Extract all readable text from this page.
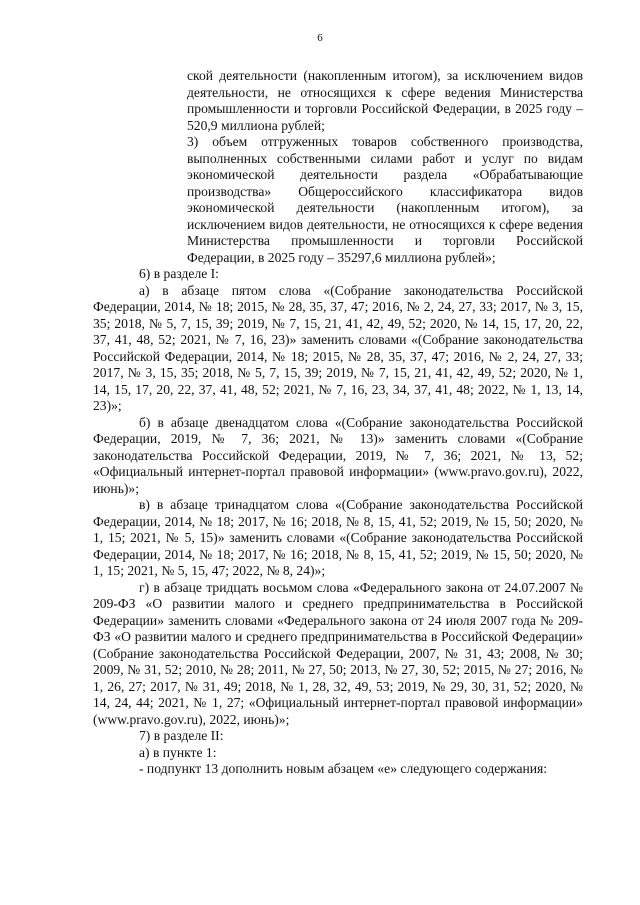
6

ской деятельности (накопленным итогом), за исключением видов деятельности, не относящихся к сфере ведения Министерства промышленности и торговли Российской Федерации, в 2025 году – 520,9 миллиона рублей;

3) объем отгруженных товаров собственного производства, выполненных собственными силами работ и услуг по видам экономической деятельности раздела «Обрабатывающие производства» Общероссийского классификатора видов экономической деятельности (накопленным итогом), за исключением видов деятельности, не относящихся к сфере ведения Министерства промышленности и торговли Российской Федерации, в 2025 году – 35297,6 миллиона рублей»;

6) в разделе I:

а) в абзаце пятом слова «(Собрание законодательства Российской Федерации, 2014, № 18; 2015, № 28, 35, 37, 47; 2016, № 2, 24, 27, 33; 2017, № 3, 15, 35; 2018, № 5, 7, 15, 39; 2019, № 7, 15, 21, 41, 42, 49, 52; 2020, № 14, 15, 17, 20, 22, 37, 41, 48, 52; 2021, № 7, 16, 23)» заменить словами «(Собрание законодательства Российской Федерации, 2014, № 18; 2015, № 28, 35, 37, 47; 2016, № 2, 24, 27, 33; 2017, № 3, 15, 35; 2018, № 5, 7, 15, 39; 2019, № 7, 15, 21, 41, 42, 49, 52; 2020, № 1, 14, 15, 17, 20, 22, 37, 41, 48, 52; 2021, № 7, 16, 23, 34, 37, 41, 48; 2022, № 1, 13, 14, 23)»;

б) в абзаце двенадцатом слова «(Собрание законодательства Российской Федерации, 2019, № 7, 36; 2021, № 13)» заменить словами «(Собрание законодательства Российской Федерации, 2019, № 7, 36; 2021, № 13, 52; «Официальный интернет-портал правовой информации» (www.pravo.gov.ru), 2022, июнь)»;

в) в абзаце тринадцатом слова «(Собрание законодательства Российской Федерации, 2014, № 18; 2017, № 16; 2018, № 8, 15, 41, 52; 2019, № 15, 50; 2020, № 1, 15; 2021, № 5, 15)» заменить словами «(Собрание законодательства Российской Федерации, 2014, № 18; 2017, № 16; 2018, № 8, 15, 41, 52; 2019, № 15, 50; 2020, № 1, 15; 2021, № 5, 15, 47; 2022, № 8, 24)»;

г) в абзаце тридцать восьмом слова «Федерального закона от 24.07.2007 № 209-ФЗ «О развитии малого и среднего предпринимательства в Российской Федерации» заменить словами «Федерального закона от 24 июля 2007 года № 209-ФЗ «О развитии малого и среднего предпринимательства в Российской Федерации» (Собрание законодательства Российской Федерации, 2007, № 31, 43; 2008, № 30; 2009, № 31, 52; 2010, № 28; 2011, № 27, 50; 2013, № 27, 30, 52; 2015, № 27; 2016, № 1, 26, 27; 2017, № 31, 49; 2018, № 1, 28, 32, 49, 53; 2019, № 29, 30, 31, 52; 2020, № 14, 24, 44; 2021, № 1, 27; «Официальный интернет-портал правовой информации» (www.pravo.gov.ru), 2022, июнь)»;

7) в разделе II:

а) в пункте 1:

- подпункт 13 дополнить новым абзацем «е» следующего содержания:
